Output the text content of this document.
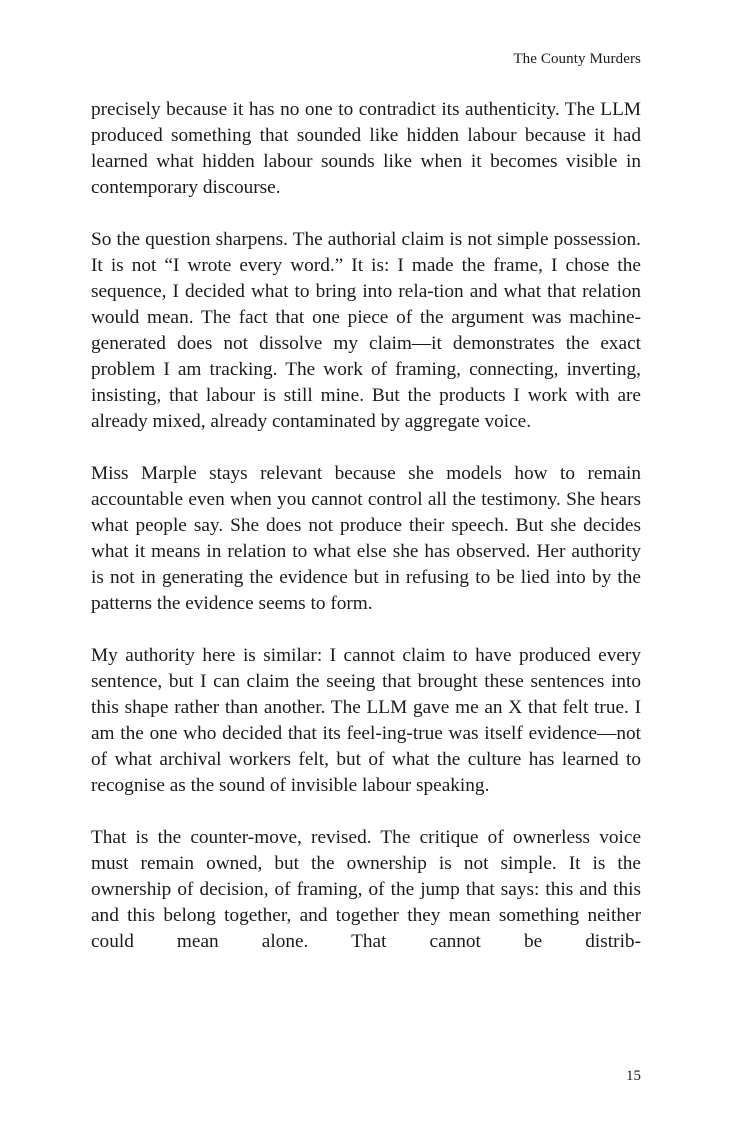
The County Murders

precisely because it has no one to contradict its authenticity. The LLM produced something that sounded like hidden labour because it had learned what hidden labour sounds like when it becomes visible in contemporary discourse.

So the question sharpens. The authorial claim is not simple possession. It is not “I wrote every word.” It is: I made the frame, I chose the sequence, I decided what to bring into rela-tion and what that relation would mean. The fact that one piece of the argument was machine-generated does not dissolve my claim—it demonstrates the exact problem I am tracking. The work of framing, connecting, inverting, insisting, that labour is still mine. But the products I work with are already mixed, already contaminated by aggregate voice.

Miss Marple stays relevant because she models how to remain accountable even when you cannot control all the testimony. She hears what people say. She does not produce their speech. But she decides what it means in relation to what else she has observed. Her authority is not in generating the evidence but in refusing to be lied into by the patterns the evidence seems to form.

My authority here is similar: I cannot claim to have produced every sentence, but I can claim the seeing that brought these sentences into this shape rather than another. The LLM gave me an X that felt true. I am the one who decided that its feel-ing-true was itself evidence—not of what archival workers felt, but of what the culture has learned to recognise as the sound of invisible labour speaking.

That is the counter-move, revised. The critique of ownerless voice must remain owned, but the ownership is not simple. It is the ownership of decision, of framing, of the jump that says: this and this and this belong together, and together they mean something neither could mean alone. That cannot be distrib-

15
